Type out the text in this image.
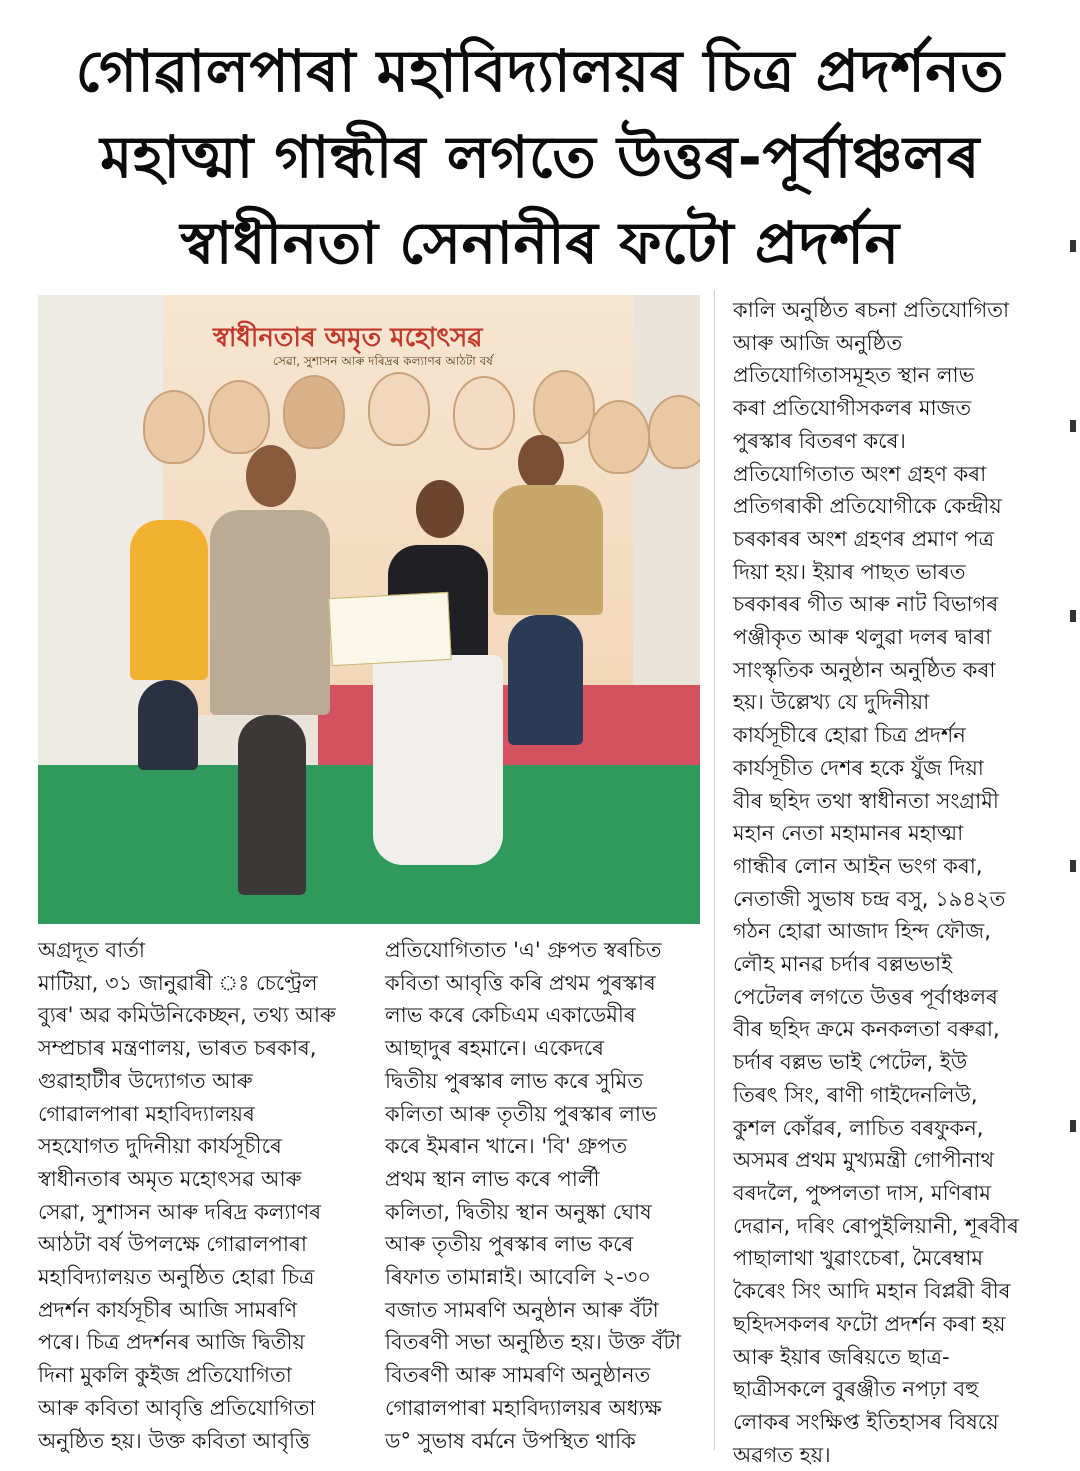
গোৱালপাৰা মহাবিদ্যালয়ৰ চিত্ৰ প্ৰদৰ্শনত
মহাত্মা গান্ধীৰ লগতে উত্তৰ-পূৰ্বাঞ্চলৰ
স্বাধীনতা সেনানীৰ ফটো প্ৰদৰ্শন
স্বাধীনতাৰ অমৃত মহোৎসৱ
সেৱা, সুশাসন আৰু দৰিদ্ৰৰ কল্যাণৰ আঠটা বৰ্ষ
কালি অনুষ্ঠিত ৰচনা প্ৰতিযোগিতা
আৰু আজি অনুষ্ঠিত
প্ৰতিযোগিতাসমূহত স্থান লাভ
কৰা প্ৰতিযোগীসকলৰ মাজত
পুৰস্কাৰ বিতৰণ কৰে।
প্ৰতিযোগিতাত অংশ গ্ৰহণ কৰা
প্ৰতিগৰাকী প্ৰতিযোগীকে কেন্দ্ৰীয়
চৰকাৰৰ অংশ গ্ৰহণৰ প্ৰমাণ পত্ৰ
দিয়া হয়। ইয়াৰ পাছত ভাৰত
চৰকাৰৰ গীত আৰু নাট বিভাগৰ
পঞ্জীকৃত আৰু থলুৱা দলৰ দ্বাৰা
সাংস্কৃতিক অনুষ্ঠান অনুষ্ঠিত কৰা
হয়। উল্লেখ্য যে দুদিনীয়া
কাৰ্যসূচীৰে হোৱা চিত্ৰ প্ৰদৰ্শন
কাৰ্যসূচীত দেশৰ হকে যুঁজ দিয়া
বীৰ ছহিদ তথা স্বাধীনতা সংগ্ৰামী
মহান নেতা মহামানৰ মহাত্মা
গান্ধীৰ লোন আইন ভংগ কৰা,
নেতাজী সুভাষ চন্দ্ৰ বসু, ১৯৪২ত
গঠন হোৱা আজাদ হিন্দ ফৌজ,
লৌহ মানৱ চৰ্দাৰ বল্লভভাই
পেটেলৰ লগতে উত্তৰ পূৰ্বাঞ্চলৰ
বীৰ ছহিদ ক্ৰমে কনকলতা বৰুৱা,
চৰ্দাৰ বল্লভ ভাই পেটেল, ইউ
তিৰৎ সিং, ৰাণী গাইদেনলিউ,
কুশল কোঁৱৰ, লাচিত বৰফুকন,
অসমৰ প্ৰথম মুখ্যমন্ত্ৰী গোপীনাথ
বৰদলৈ, পুষ্পলতা দাস, মণিৰাম
দেৱান, দৰিং ৰোপুইলিয়ানী, শূৰবীৰ
পাছালাথা খুৱাংচেৰা, মৈৰেম্বাম
কৈৰেং সিং আদি মহান বিপ্লৱী বীৰ
ছহিদসকলৰ ফটো প্ৰদৰ্শন কৰা হয়
আৰু ইয়াৰ জৰিয়তে ছাত্ৰ-
ছাত্ৰীসকলে বুৰঞ্জীত নপঢ়া বহু
লোকৰ সংক্ষিপ্ত ইতিহাসৰ বিষয়ে
অৱগত হয়।
অগ্ৰদূত বাৰ্তা
মাটিয়া, ৩১ জানুৱাৰী ঃ চেণ্ট্ৰেল
ব্যুৰ' অৱ কমিউনিকেচ্ছন, তথ্য আৰু
সম্প্ৰচাৰ মন্ত্ৰণালয়, ভাৰত চৰকাৰ,
গুৱাহাটীৰ উদ্যোগত আৰু
গোৱালপাৰা মহাবিদ্যালয়ৰ
সহযোগত দুদিনীয়া কাৰ্যসূচীৰে
স্বাধীনতাৰ অমৃত মহোৎসৱ আৰু
সেৱা, সুশাসন আৰু দৰিদ্ৰ কল্যাণৰ
আঠটা বৰ্ষ উপলক্ষে গোৱালপাৰা
মহাবিদ্যালয়ত অনুষ্ঠিত হোৱা চিত্ৰ
প্ৰদৰ্শন কাৰ্যসূচীৰ আজি সামৰণি
পৰে। চিত্ৰ প্ৰদৰ্শনৰ আজি দ্বিতীয়
দিনা মুকলি কুইজ প্ৰতিযোগিতা
আৰু কবিতা আবৃত্তি প্ৰতিযোগিতা
অনুষ্ঠিত হয়। উক্ত কবিতা আবৃত্তি
প্ৰতিযোগিতাত 'এ' গ্ৰুপত স্বৰচিত
কবিতা আবৃত্তি কৰি প্ৰথম পুৰস্কাৰ
লাভ কৰে কেচিএম একাডেমীৰ
আছাদুৰ ৰহমানে। একেদৰে
দ্বিতীয় পুৰস্কাৰ লাভ কৰে সুমিত
কলিতা আৰু তৃতীয় পুৰস্কাৰ লাভ
কৰে ইমৰান খানে। 'বি' গ্ৰুপত
প্ৰথম স্থান লাভ কৰে পাৰ্লী
কলিতা, দ্বিতীয় স্থান অনুষ্কা ঘোষ
আৰু তৃতীয় পুৰস্কাৰ লাভ কৰে
ৰিফাত তামান্নাই। আবেলি ২-৩০
বজাত সামৰণি অনুষ্ঠান আৰু বঁটা
বিতৰণী সভা অনুষ্ঠিত হয়। উক্ত বঁটা
বিতৰণী আৰু সামৰণি অনুষ্ঠানত
গোৱালপাৰা মহাবিদ্যালয়ৰ অধ্যক্ষ
ড° সুভাষ বৰ্মনে উপস্থিত থাকি
